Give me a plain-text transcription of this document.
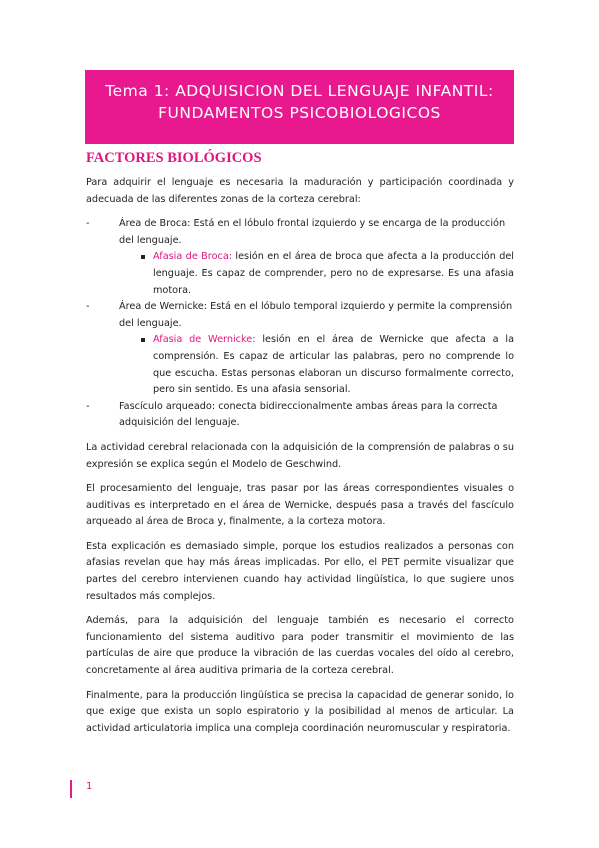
Tema 1: ADQUISICION DEL LENGUAJE INFANTIL:
FUNDAMENTOS PSICOBIOLOGICOS
FACTORES BIOLÓGICOS

Para adquirir el lenguaje es necesaria la maduración y participación coordinada y adecuada de las diferentes zonas de la corteza cerebral:

-	Área de Broca: Está en el lóbulo frontal izquierdo y se encarga de la producción del lenguaje.
Afasia de Broca: lesión en el área de broca que afecta a la producción del lenguaje. Es capaz de comprender, pero no de expresarse. Es una afasia motora.
-	Área de Wernicke: Está en el lóbulo temporal izquierdo y permite la comprensión del lenguaje.
Afasia de Wernicke: lesión en el área de Wernicke que afecta a la comprensión. Es capaz de articular las palabras, pero no comprende lo que escucha. Estas personas elaboran un discurso formalmente correcto, pero sin sentido. Es una afasia sensorial.
-	Fascículo arqueado: conecta bidireccionalmente ambas áreas para la correcta adquisición del lenguaje.

La actividad cerebral relacionada con la adquisición de la comprensión de palabras o su expresión se explica según el Modelo de Geschwind.

El procesamiento del lenguaje, tras pasar por las áreas correspondientes visuales o auditivas es interpretado en el área de Wernicke, después pasa a través del fascículo arqueado al área de Broca y, finalmente, a la corteza motora.

Esta explicación es demasiado simple, porque los estudios realizados a personas con afasias revelan que hay más áreas implicadas. Por ello, el PET permite visualizar que partes del cerebro intervienen cuando hay actividad lingüística, lo que sugiere unos resultados más complejos.

Además, para la adquisición del lenguaje también es necesario el correcto funcionamiento del sistema auditivo para poder transmitir el movimiento de las partículas de aire que produce la vibración de las cuerdas vocales del oído al cerebro, concretamente al área auditiva primaria de la corteza cerebral.

Finalmente, para la producción lingüística se precisa la capacidad de generar sonido, lo que exige que exista un soplo espiratorio y la posibilidad al menos de articular. La actividad articulatoria implica una compleja coordinación neuromuscular y respiratoria.

1
